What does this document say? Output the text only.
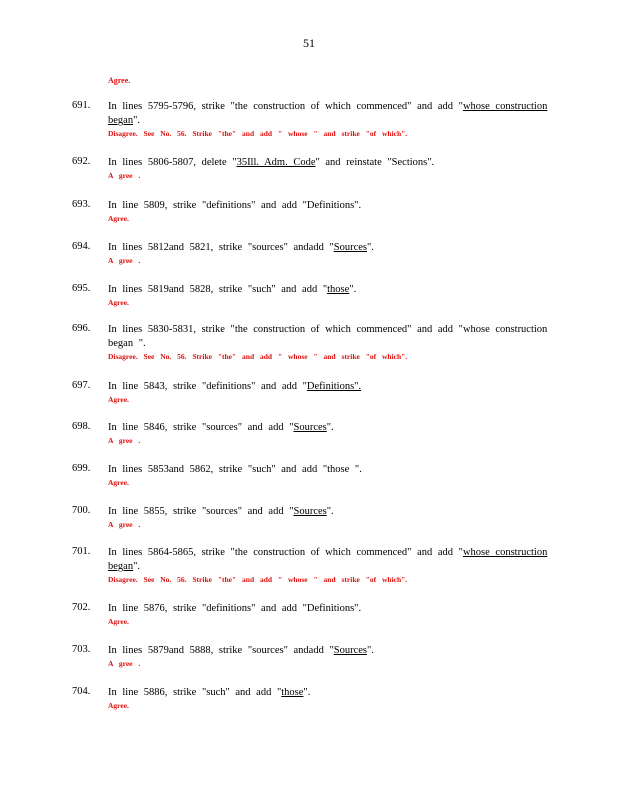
51
Agree.
691. In lines 5795-5796, strike "the construction of which commenced" and add "whose construction began".
Disagree. See No. 56. Strike "the" and add " whose " and strike "of which".
692. In lines 5806-5807, delete "35Ill. Adm. Code" and reinstate "Sections".
A gree .
693. In line 5809, strike "definitions" and add "Definitions".
Agree.
694. In lines 5812and 5821, strike "sources" andadd "Sources".
A gree .
695. In lines 5819and 5828, strike "such" and add "those".
Agree.
696. In lines 5830-5831, strike "the construction of which commenced" and add "whose construction began ".
Disagree. See No. 56. Strike "the" and add " whose " and strike "of which".
697. In line 5843, strike "definitions" and add "Definitions".
Agree.
698. In line 5846, strike "sources" and add "Sources".
A gree .
699. In lines 5853and 5862, strike "such" and add "those ".
Agree.
700. In line 5855, strike "sources" and add "Sources".
A gree .
701. In lines 5864-5865, strike "the construction of which commenced" and add "whose construction began".
Disagree. See No. 56. Strike "the" and add " whose " and strike "of which".
702. In line 5876, strike "definitions" and add "Definitions".
Agree.
703. In lines 5879and 5888, strike "sources" andadd "Sources".
A gree .
704. In line 5886, strike "such" and add "those".
Agree.
